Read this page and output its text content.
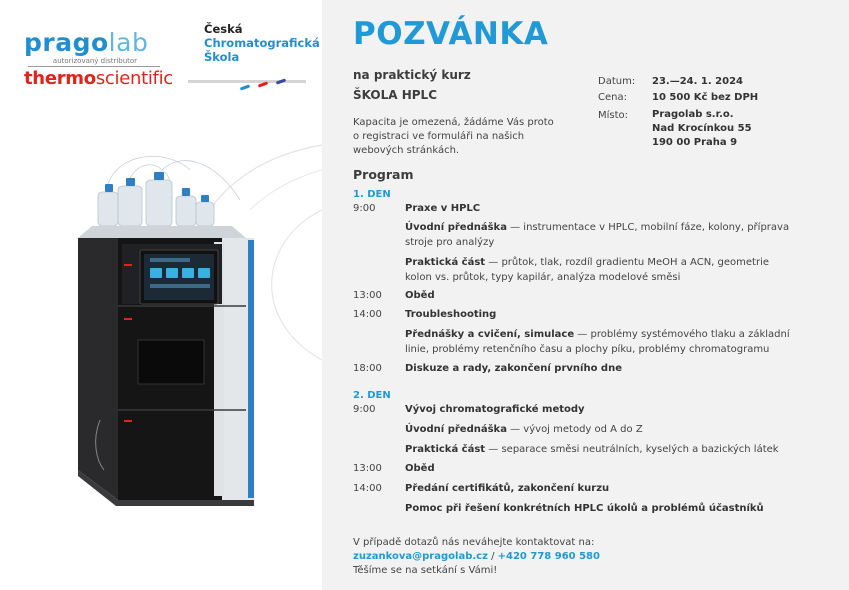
pragolab
autorizovaný distributor
thermoscientific
Česká
Chromatografická
Škola
POZVÁNKA
na praktický kurz
ŠKOLA HPLC
Kapacita je omezená, žádáme Vás proto o registraci ve formuláři na našich webových stránkách.
Datum: 23.—24. 1. 2024
Cena:	10 500 Kč bez DPH
Místo: Pragolab s.r.o.
Nad Krocínkou 55
190 00 Praha 9
Program
1. DEN
9:00	Praxe v HPLC
Úvodní přednáška — instrumentace v HPLC, mobilní fáze, kolony, příprava stroje pro analýzy
Praktická část — průtok, tlak, rozdíl gradientu MeOH a ACN, geometrie kolon vs. průtok, typy kapilár, analýza modelové směsi
13:00 Oběd
14:00 Troubleshooting
Přednášky a cvičení, simulace — problémy systémového tlaku a základní linie, problémy retenčního času a plochy píku, problémy chromatogramu
18:00 Diskuze a rady, zakončení prvního dne
2. DEN
9:00	Vývoj chromatografické metody
Úvodní přednáška — vývoj metody od A do Z
Praktická část — separace směsi neutrálních, kyselých a bazických látek
13:00 Oběd
14:00 Předání certifikátů, zakončení kurzu
Pomoc při řešení konkrétních HPLC úkolů a problémů účastníků
V případě dotazů nás neváhejte kontaktovat na:
zuzankova@pragolab.cz / +420 778 960 580
Těšíme se na setkání s Vámi!
